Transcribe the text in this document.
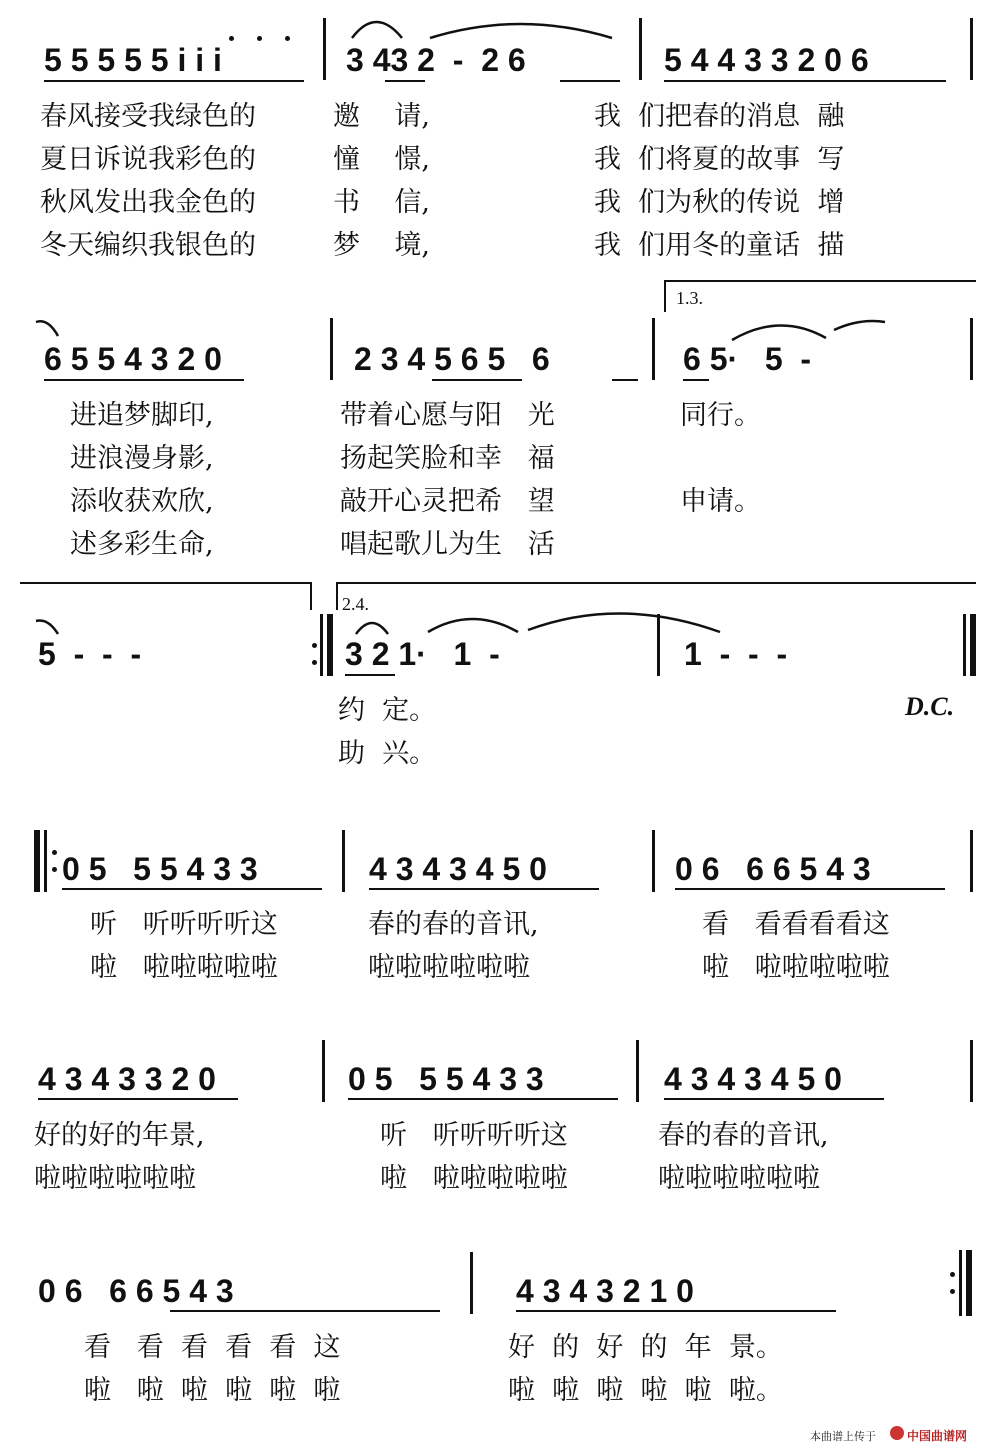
5 5 5 5 5 i i i	3 43 2  -  2 6	5 4 4 3 3 2 0 6
春风接受我绿色的	邀    请,	我  们把春的消息  融
夏日诉说我彩色的	憧    憬,	我  们将夏的故事  写
秋风发出我金色的	书    信,	我  们为秋的传说  增
冬天编织我银色的	梦    境,	我  们用冬的童话  描
1.3.
6 5 5 4 3 2 0	2 3 4 5 6 5   6	6 5·   5  -
进追梦脚印,	带着心愿与阳   光	同行。
进浪漫身影,	扬起笑脸和幸   福
添收获欢欣,	敲开心灵把希   望	申请。
述多彩生命,	唱起歌儿为生   活
2.4.
5  -  -  -	3 2 1·   1  -	1  -  -  -
约  定。
助  兴。
D.C.
0 5   5 5 4 3 3	4 3 4 3 4 5 0	0 6   6 6 5 4 3
听   听听听听这	春的春的音讯,	看   看看看看这
啦   啦啦啦啦啦	啦啦啦啦啦啦	啦   啦啦啦啦啦
4 3 4 3 3 2 0	0 5   5 5 4 3 3	4 3 4 3 4 5 0
好的好的年景,	听   听听听听这	春的春的音讯,
啦啦啦啦啦啦	啦   啦啦啦啦啦	啦啦啦啦啦啦
0 6   6 6 5 4 3	4 3 4 3 2 1 0
看   看  看  看  看  这	好  的  好  的  年  景。
啦   啦  啦  啦  啦  啦	啦  啦  啦  啦  啦  啦。
本曲谱上传于	中国曲谱网
